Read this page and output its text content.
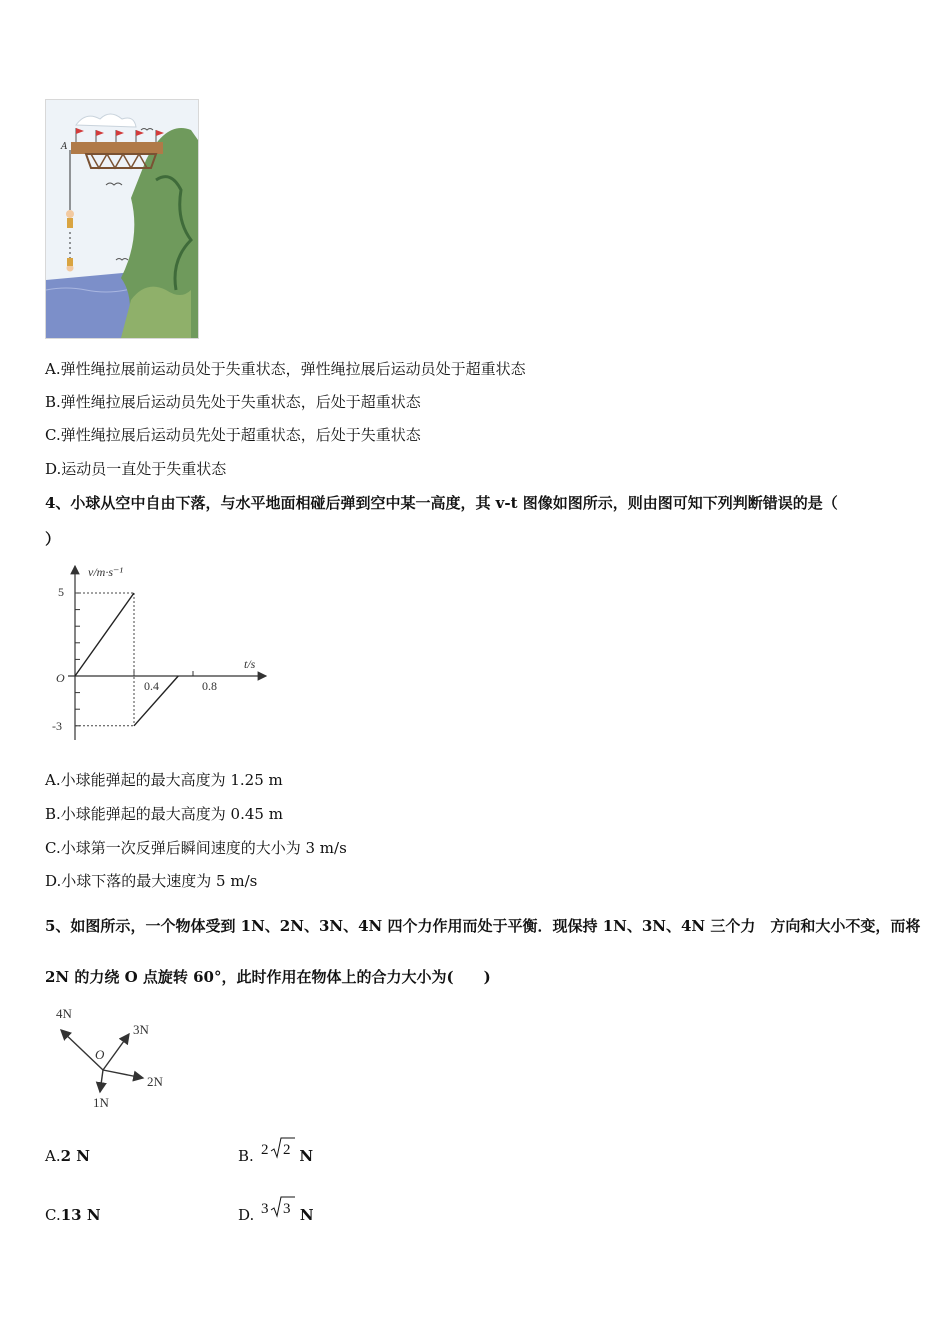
A
A.弹性绳拉展前运动员处于失重状态，弹性绳拉展后运动员处于超重状态
B.弹性绳拉展后运动员先处于失重状态，后处于超重状态
C.弹性绳拉展后运动员先处于超重状态，后处于失重状态
D.运动员一直处于失重状态
4、小球从空中自由下落，与水平地面相碰后弹到空中某一高度，其 v-t 图像如图所示，则由图可知下列判断错误的是（
）
v/m·s⁻¹
t/s
O
5
-3
0.4	0.8
A.小球能弹起的最大高度为 1.25 m
B.小球能弹起的最大高度为 0.45 m
C.小球第一次反弹后瞬间速度的大小为 3 m/s
D.小球下落的最大速度为 5 m/s
5、如图所示，一个物体受到 1N、2N、3N、4N 四个力作用而处于平衡．现保持 1N、3N、4N 三个力　方向和大小不变，而将
2N 的力绕 O 点旋转 60°，此时作用在物体上的合力大小为(　　)
4N
3N
2N
1N
O
A.2 N	B. 2 2 N
C.13 N	D. 3 3 N
